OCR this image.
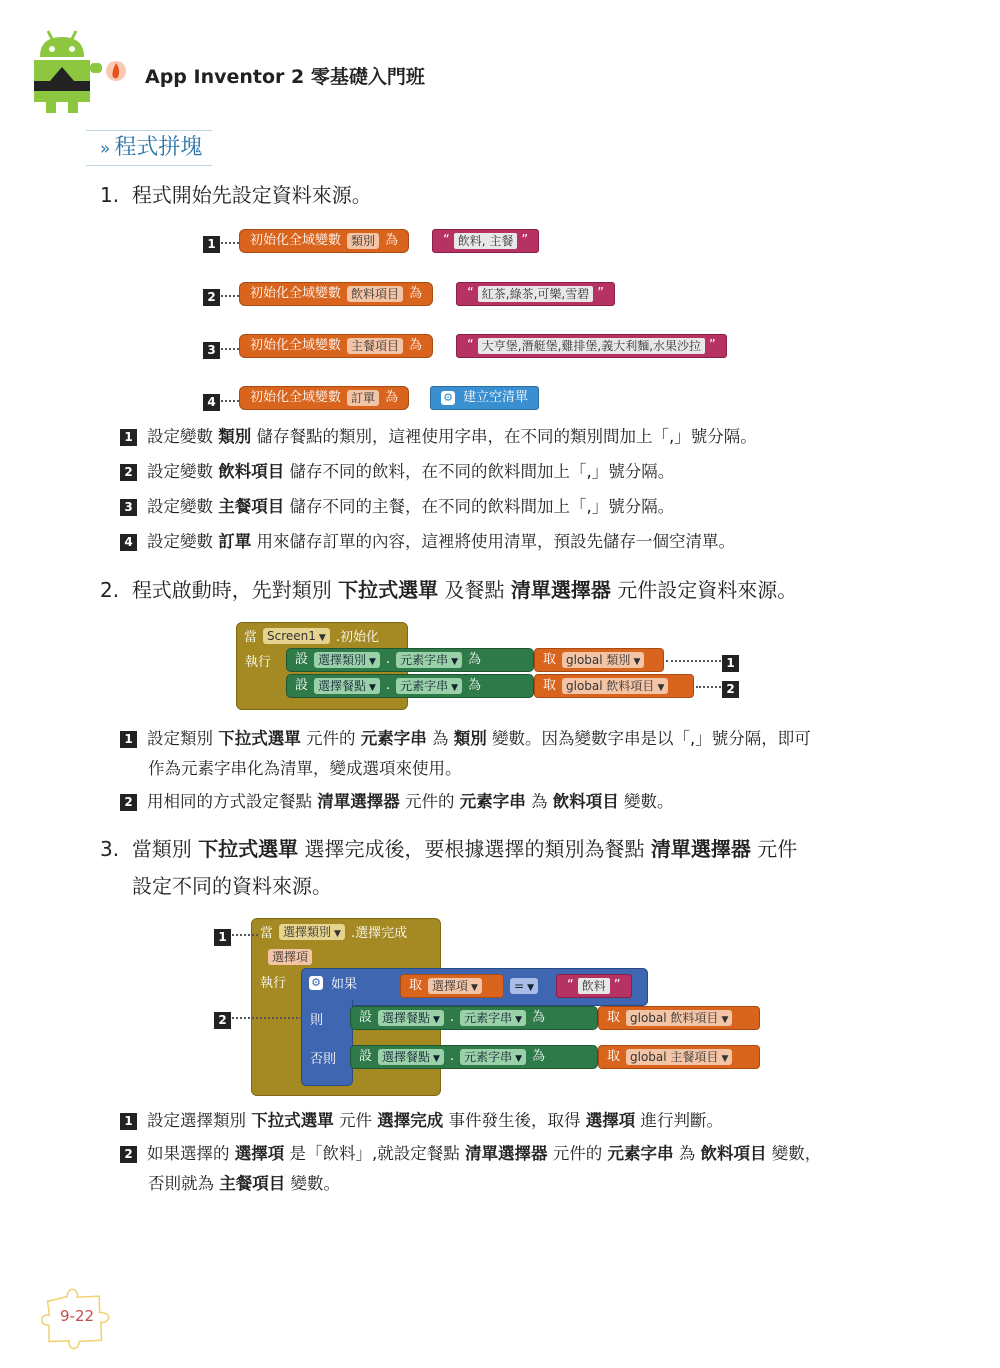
App Inventor 2 零基礎入門班
» 程式拼塊
1. 程式開始先設定資料來源。
1	初始化全域變數 類別 為	“ 飲料, 主餐 ”
2	初始化全域變數 飲料項目 為	“ 紅茶,綠茶,可樂,雪碧 ”
3	初始化全域變數 主餐項目 為	“ 大亨堡,潛艇堡,雞排堡,義大利麵,水果沙拉 ”
4	初始化全域變數 訂單 為	⚙ 建立空清單
1 設定變數 類別 儲存餐點的類別，這裡使用字串，在不同的類別間加上「,」號分隔。
2 設定變數 飲料項目 儲存不同的飲料，在不同的飲料間加上「,」號分隔。
3 設定變數 主餐項目 儲存不同的主餐，在不同的飲料間加上「,」號分隔。
4 設定變數 訂單 用來儲存訂單的內容，這裡將使用清單，預設先儲存一個空清單。
2. 程式啟動時，先對類別 下拉式選單 及餐點 清單選擇器 元件設定資料來源。
當 Screen1 ▼ .初始化
執行 設 選擇類別 ▼ . 元素字串 ▼ 為	取 global 類別 ▼	1
設 選擇餐點 ▼ . 元素字串 ▼ 為	取 global 飲料項目 ▼	2
1 設定類別 下拉式選單 元件的 元素字串 為 類別 變數。因為變數字串是以「,」號分隔，即可
作為元素字串化為清單，變成選項來使用。
2 用相同的方式設定餐點 清單選擇器 元件的 元素字串 為 飲料項目 變數。
3. 當類別 下拉式選單 選擇完成後，要根據選擇的類別為餐點 清單選擇器 元件
設定不同的資料來源。
當 選擇類別 ▼ .選擇完成
選擇項
執行 ⚙ 如果	取 選擇項 ▼	= ▼	“ 飲料 ”
則	設 選擇餐點 ▼ . 元素字串 ▼ 為	取 global 飲料項目 ▼
否則 設 選擇餐點 ▼ . 元素字串 ▼ 為	取 global 主餐項目 ▼
1
2
1 設定選擇類別 下拉式選單 元件 選擇完成 事件發生後，取得 選擇項 進行判斷。
2 如果選擇的 選擇項 是「飲料」,就設定餐點 清單選擇器 元件的 元素字串 為 飲料項目 變數，
否則就為 主餐項目 變數。
9-22
